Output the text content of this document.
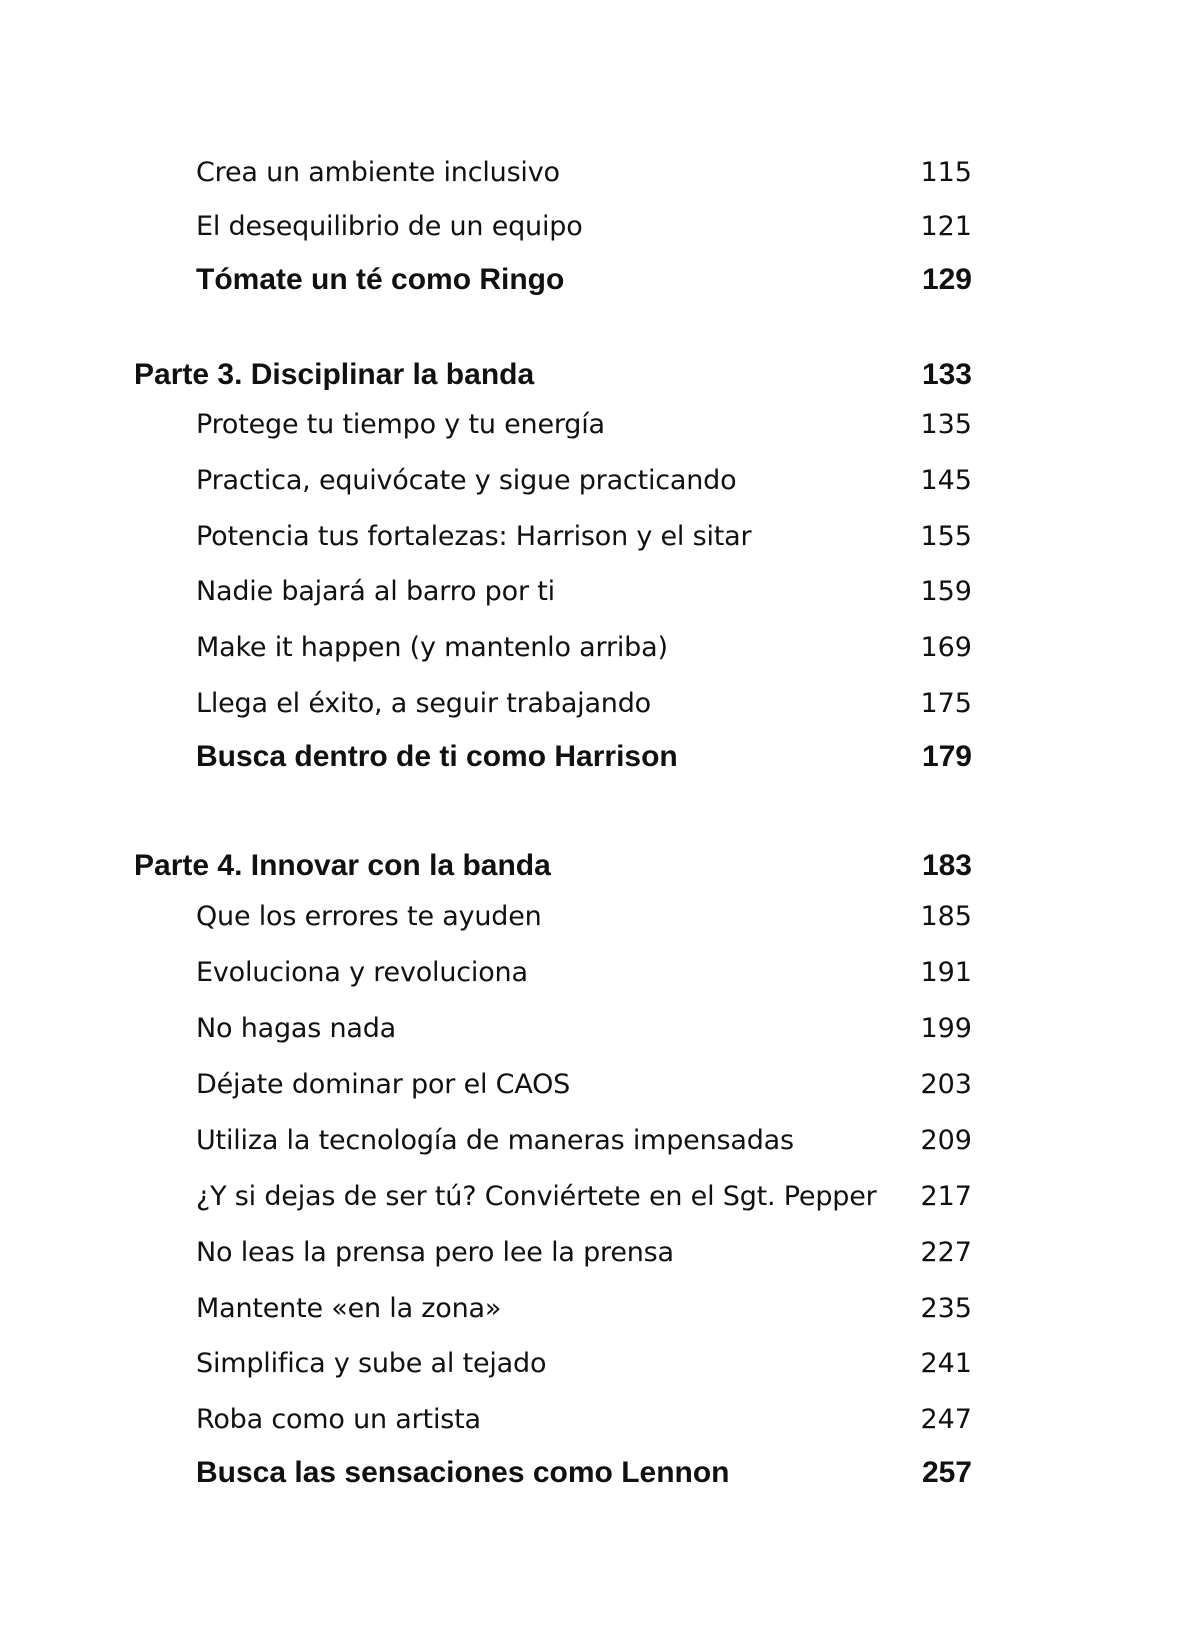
Crea un ambiente inclusivo	115
El desequilibrio de un equipo	121
Tómate un té como Ringo	129
Parte 3. Disciplinar la banda	133
Protege tu tiempo y tu energía	135
Practica, equivócate y sigue practicando	145
Potencia tus fortalezas: Harrison y el sitar	155
Nadie bajará al barro por ti	159
Make it happen (y mantenlo arriba)	169
Llega el éxito, a seguir trabajando	175
Busca dentro de ti como Harrison	179
Parte 4. Innovar con la banda	183
Que los errores te ayuden	185
Evoluciona y revoluciona	191
No hagas nada	199
Déjate dominar por el CAOS	203
Utiliza la tecnología de maneras impensadas	209
¿Y si dejas de ser tú? Conviértete en el Sgt. Pepper 217
No leas la prensa pero lee la prensa	227
Mantente «en la zona»	235
Simplifica y sube al tejado	241
Roba como un artista	247
Busca las sensaciones como Lennon	257
